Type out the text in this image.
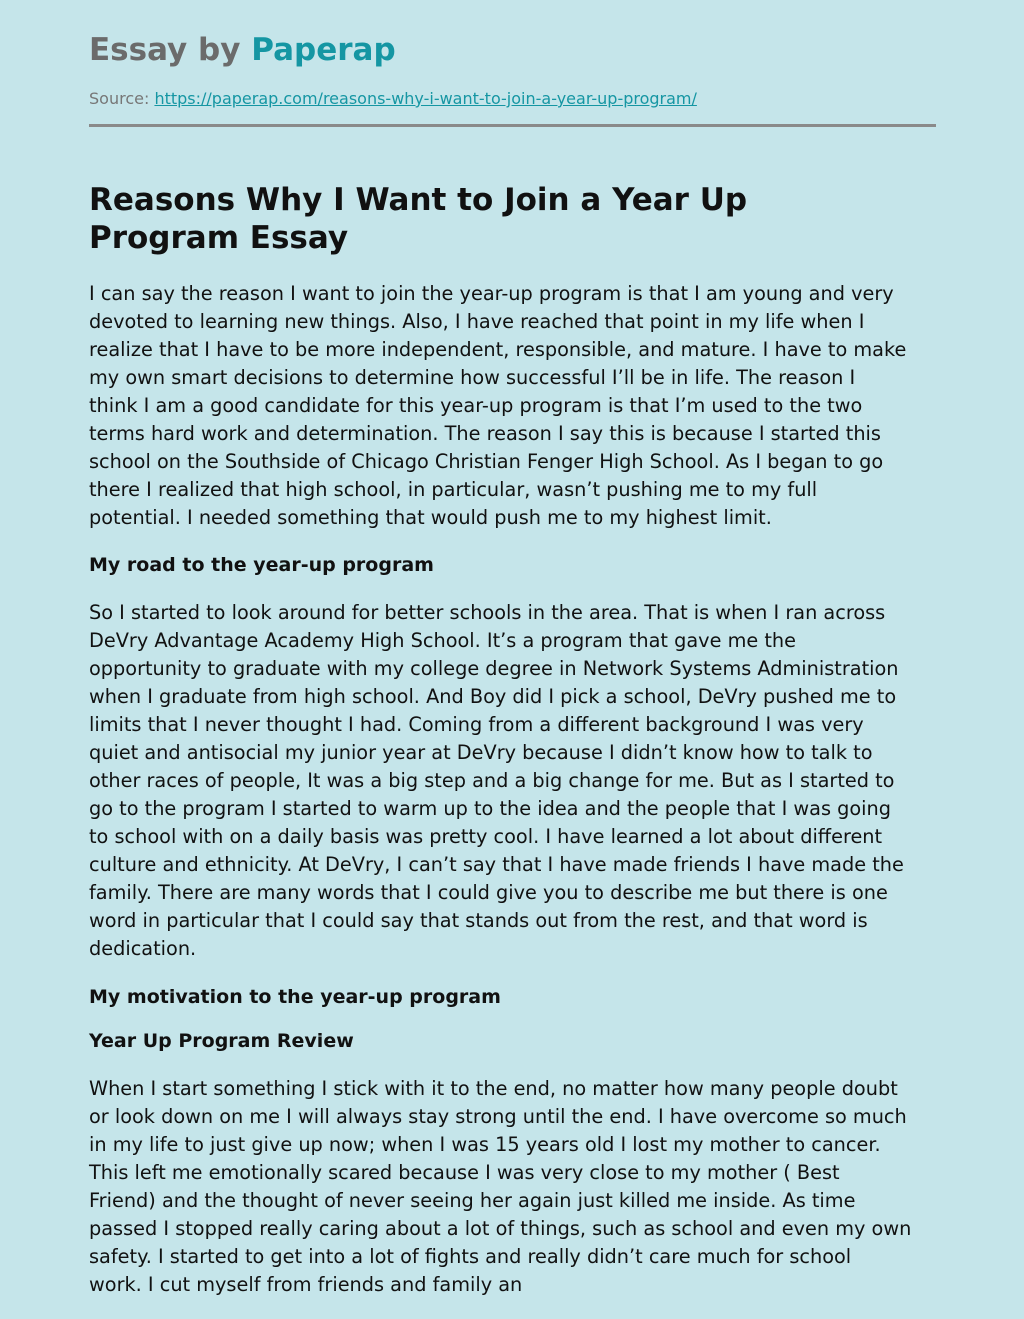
Essay by Paperap
Source: https://paperap.com/reasons-why-i-want-to-join-a-year-up-program/
Reasons Why I Want to Join a Year Up
Program Essay

I can say the reason I want to join the year-up program is that I am young and very
devoted to learning new things. Also, I have reached that point in my life when I
realize that I have to be more independent, responsible, and mature. I have to make
my own smart decisions to determine how successful I’ll be in life. The reason I
think I am a good candidate for this year-up program is that I’m used to the two
terms hard work and determination. The reason I say this is because I started this
school on the Southside of Chicago Christian Fenger High School. As I began to go
there I realized that high school, in particular, wasn’t pushing me to my full
potential. I needed something that would push me to my highest limit.

My road to the year-up program

So I started to look around for better schools in the area. That is when I ran across
DeVry Advantage Academy High School. It’s a program that gave me the
opportunity to graduate with my college degree in Network Systems Administration
when I graduate from high school. And Boy did I pick a school, DeVry pushed me to
limits that I never thought I had. Coming from a different background I was very
quiet and antisocial my junior year at DeVry because I didn’t know how to talk to
other races of people, It was a big step and a big change for me. But as I started to
go to the program I started to warm up to the idea and the people that I was going
to school with on a daily basis was pretty cool. I have learned a lot about different
culture and ethnicity. At DeVry, I can’t say that I have made friends I have made the
family. There are many words that I could give you to describe me but there is one
word in particular that I could say that stands out from the rest, and that word is
dedication.

My motivation to the year-up program
Year Up Program Review

When I start something I stick with it to the end, no matter how many people doubt
or look down on me I will always stay strong until the end. I have overcome so much
in my life to just give up now; when I was 15 years old I lost my mother to cancer.
This left me emotionally scared because I was very close to my mother ( Best
Friend) and the thought of never seeing her again just killed me inside. As time
passed I stopped really caring about a lot of things, such as school and even my own
safety. I started to get into a lot of fights and really didn’t care much for school
work. I cut myself from friends and family an
